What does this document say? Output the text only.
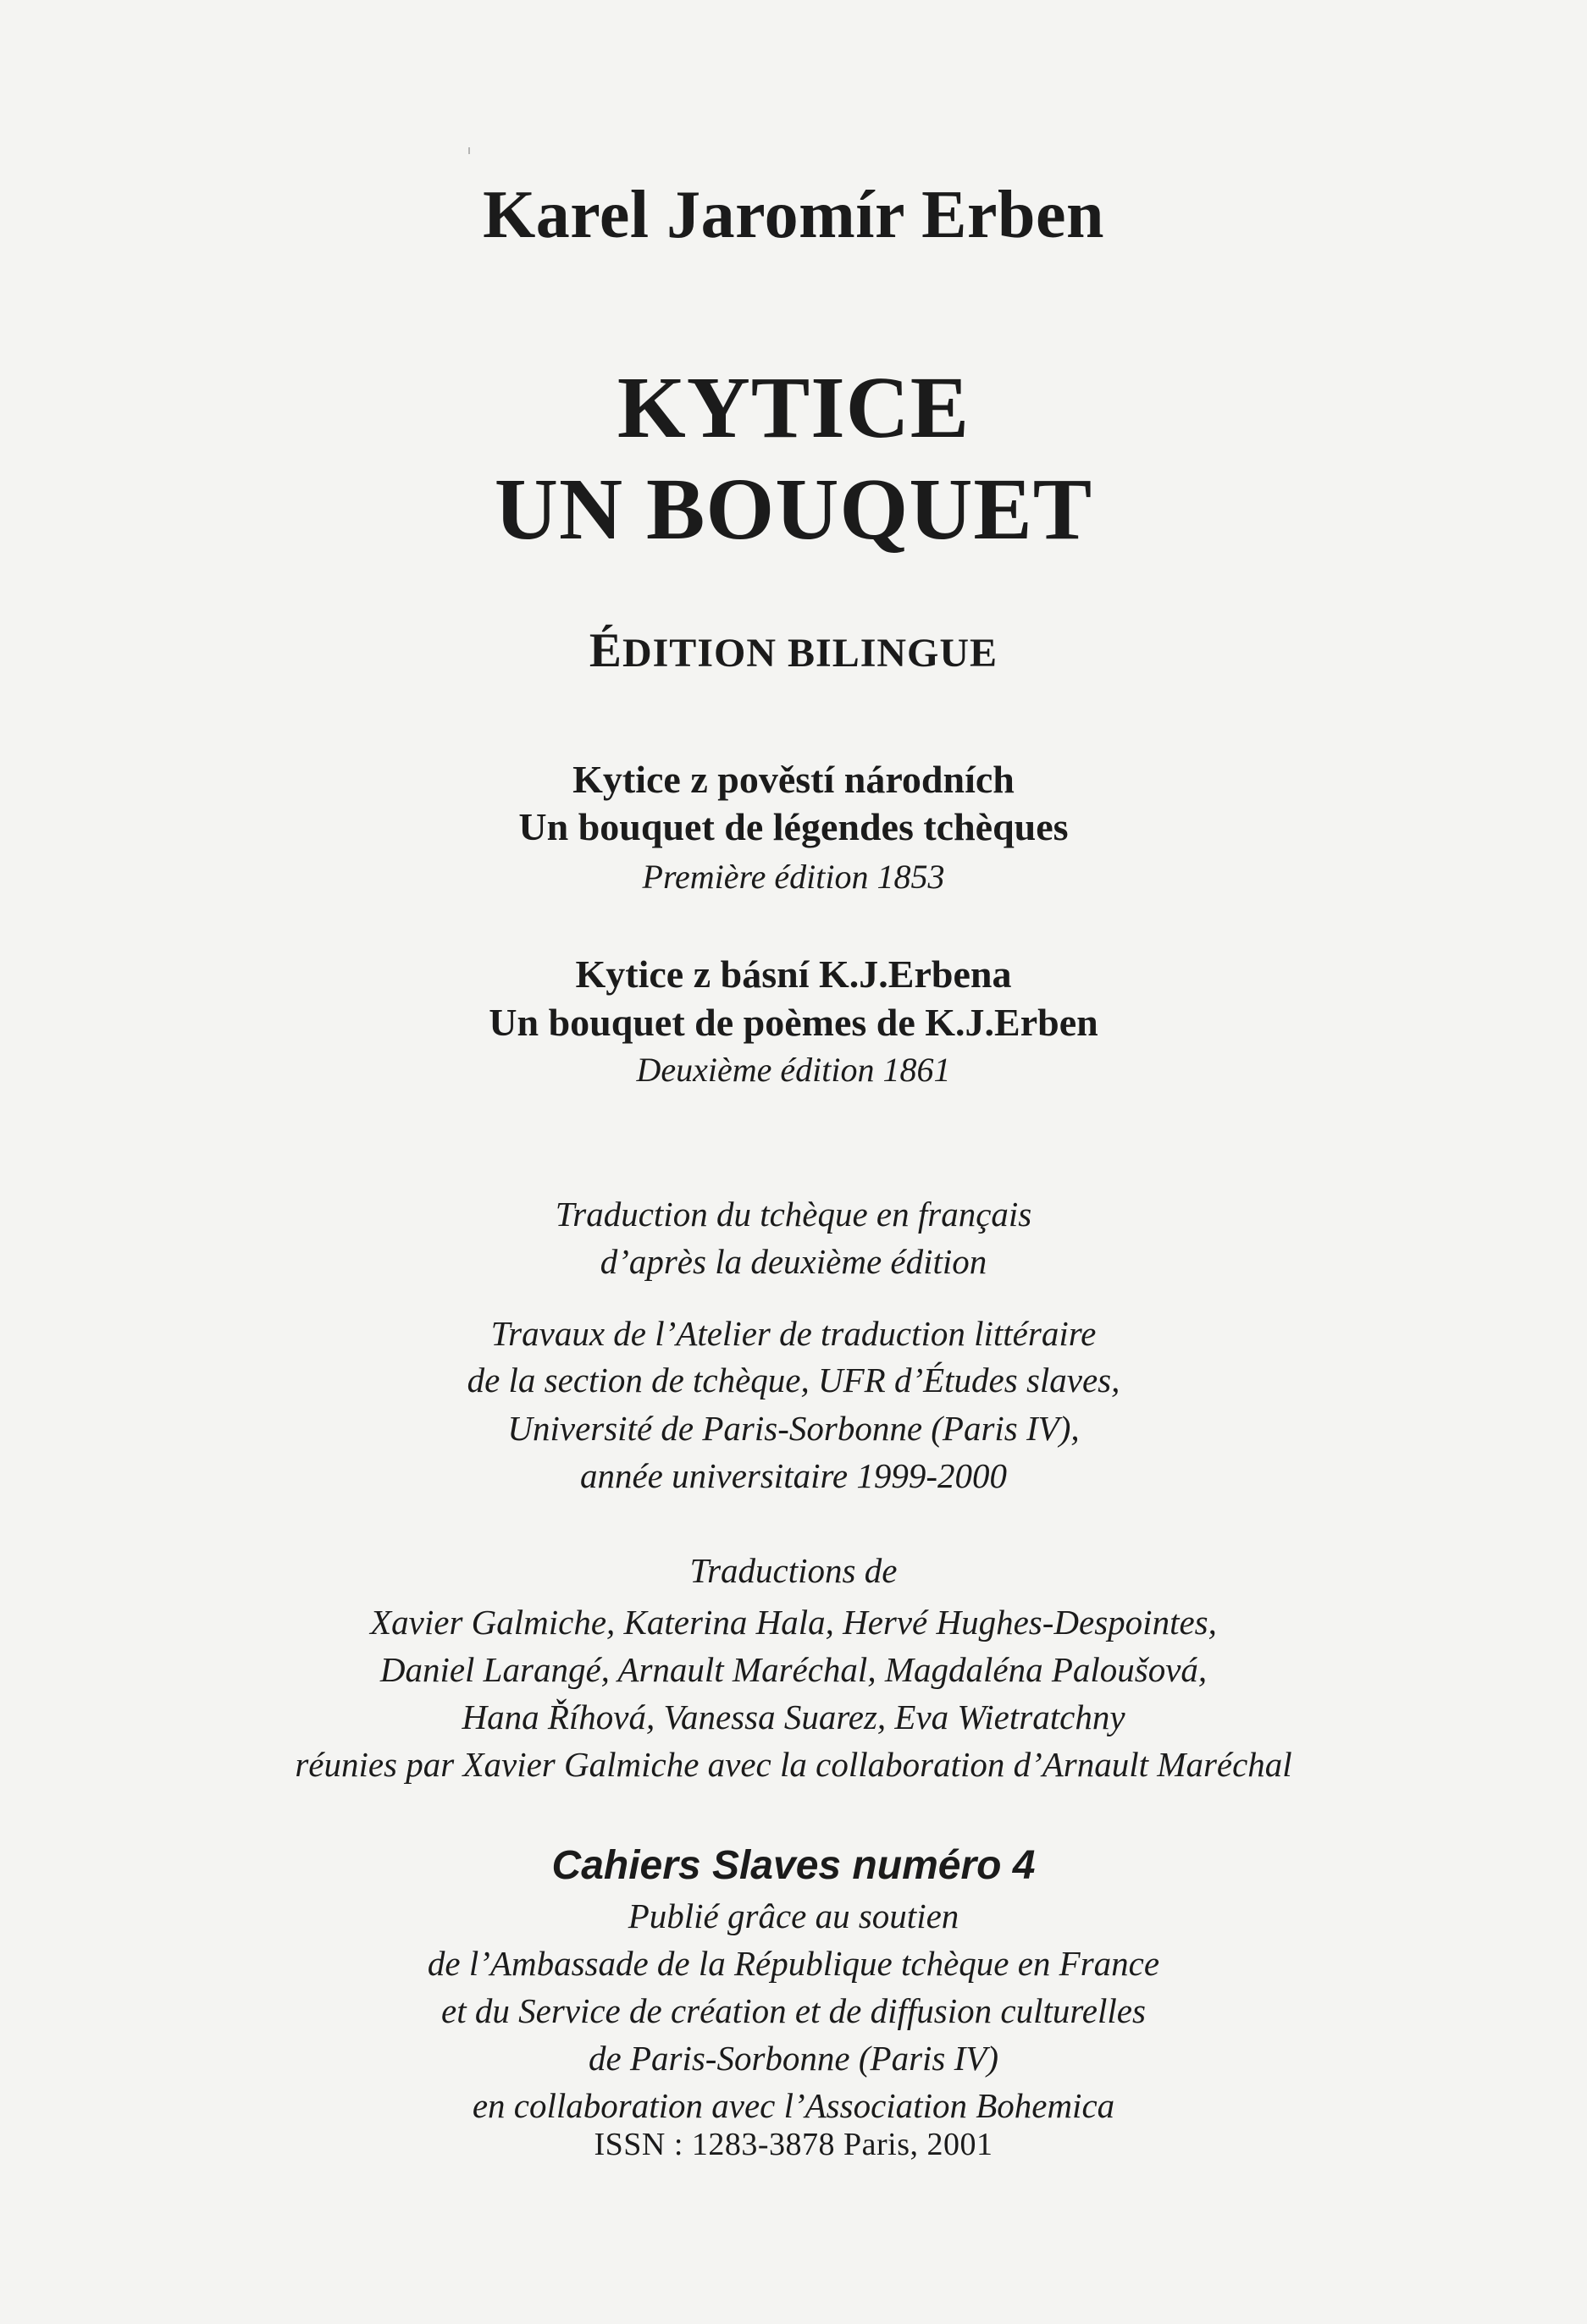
Karel Jaromír Erben
KYTICE
UN BOUQUET
ÉDITION BILINGUE
Kytice z pověstí národních
Un bouquet de légendes tchèques
Première édition 1853
Kytice z básní K.J.Erbena
Un bouquet de poèmes de K.J.Erben
Deuxième édition 1861
Traduction du tchèque en français
d’après la deuxième édition
Travaux de l’Atelier de traduction littéraire
de la section de tchèque, UFR d’Études slaves,
Université de Paris-Sorbonne (Paris IV),
année universitaire 1999-2000
Traductions de
Xavier Galmiche, Katerina Hala, Hervé Hughes-Despointes,
Daniel Larangé, Arnault Maréchal, Magdaléna Paloušová,
Hana Říhová, Vanessa Suarez, Eva Wietratchny
réunies par Xavier Galmiche avec la collaboration d’Arnault Maréchal
Cahiers Slaves numéro 4
Publié grâce au soutien
de l’Ambassade de la République tchèque en France
et du Service de création et de diffusion culturelles
de Paris-Sorbonne (Paris IV)
en collaboration avec l’Association Bohemica
ISSN : 1283-3878 Paris, 2001
